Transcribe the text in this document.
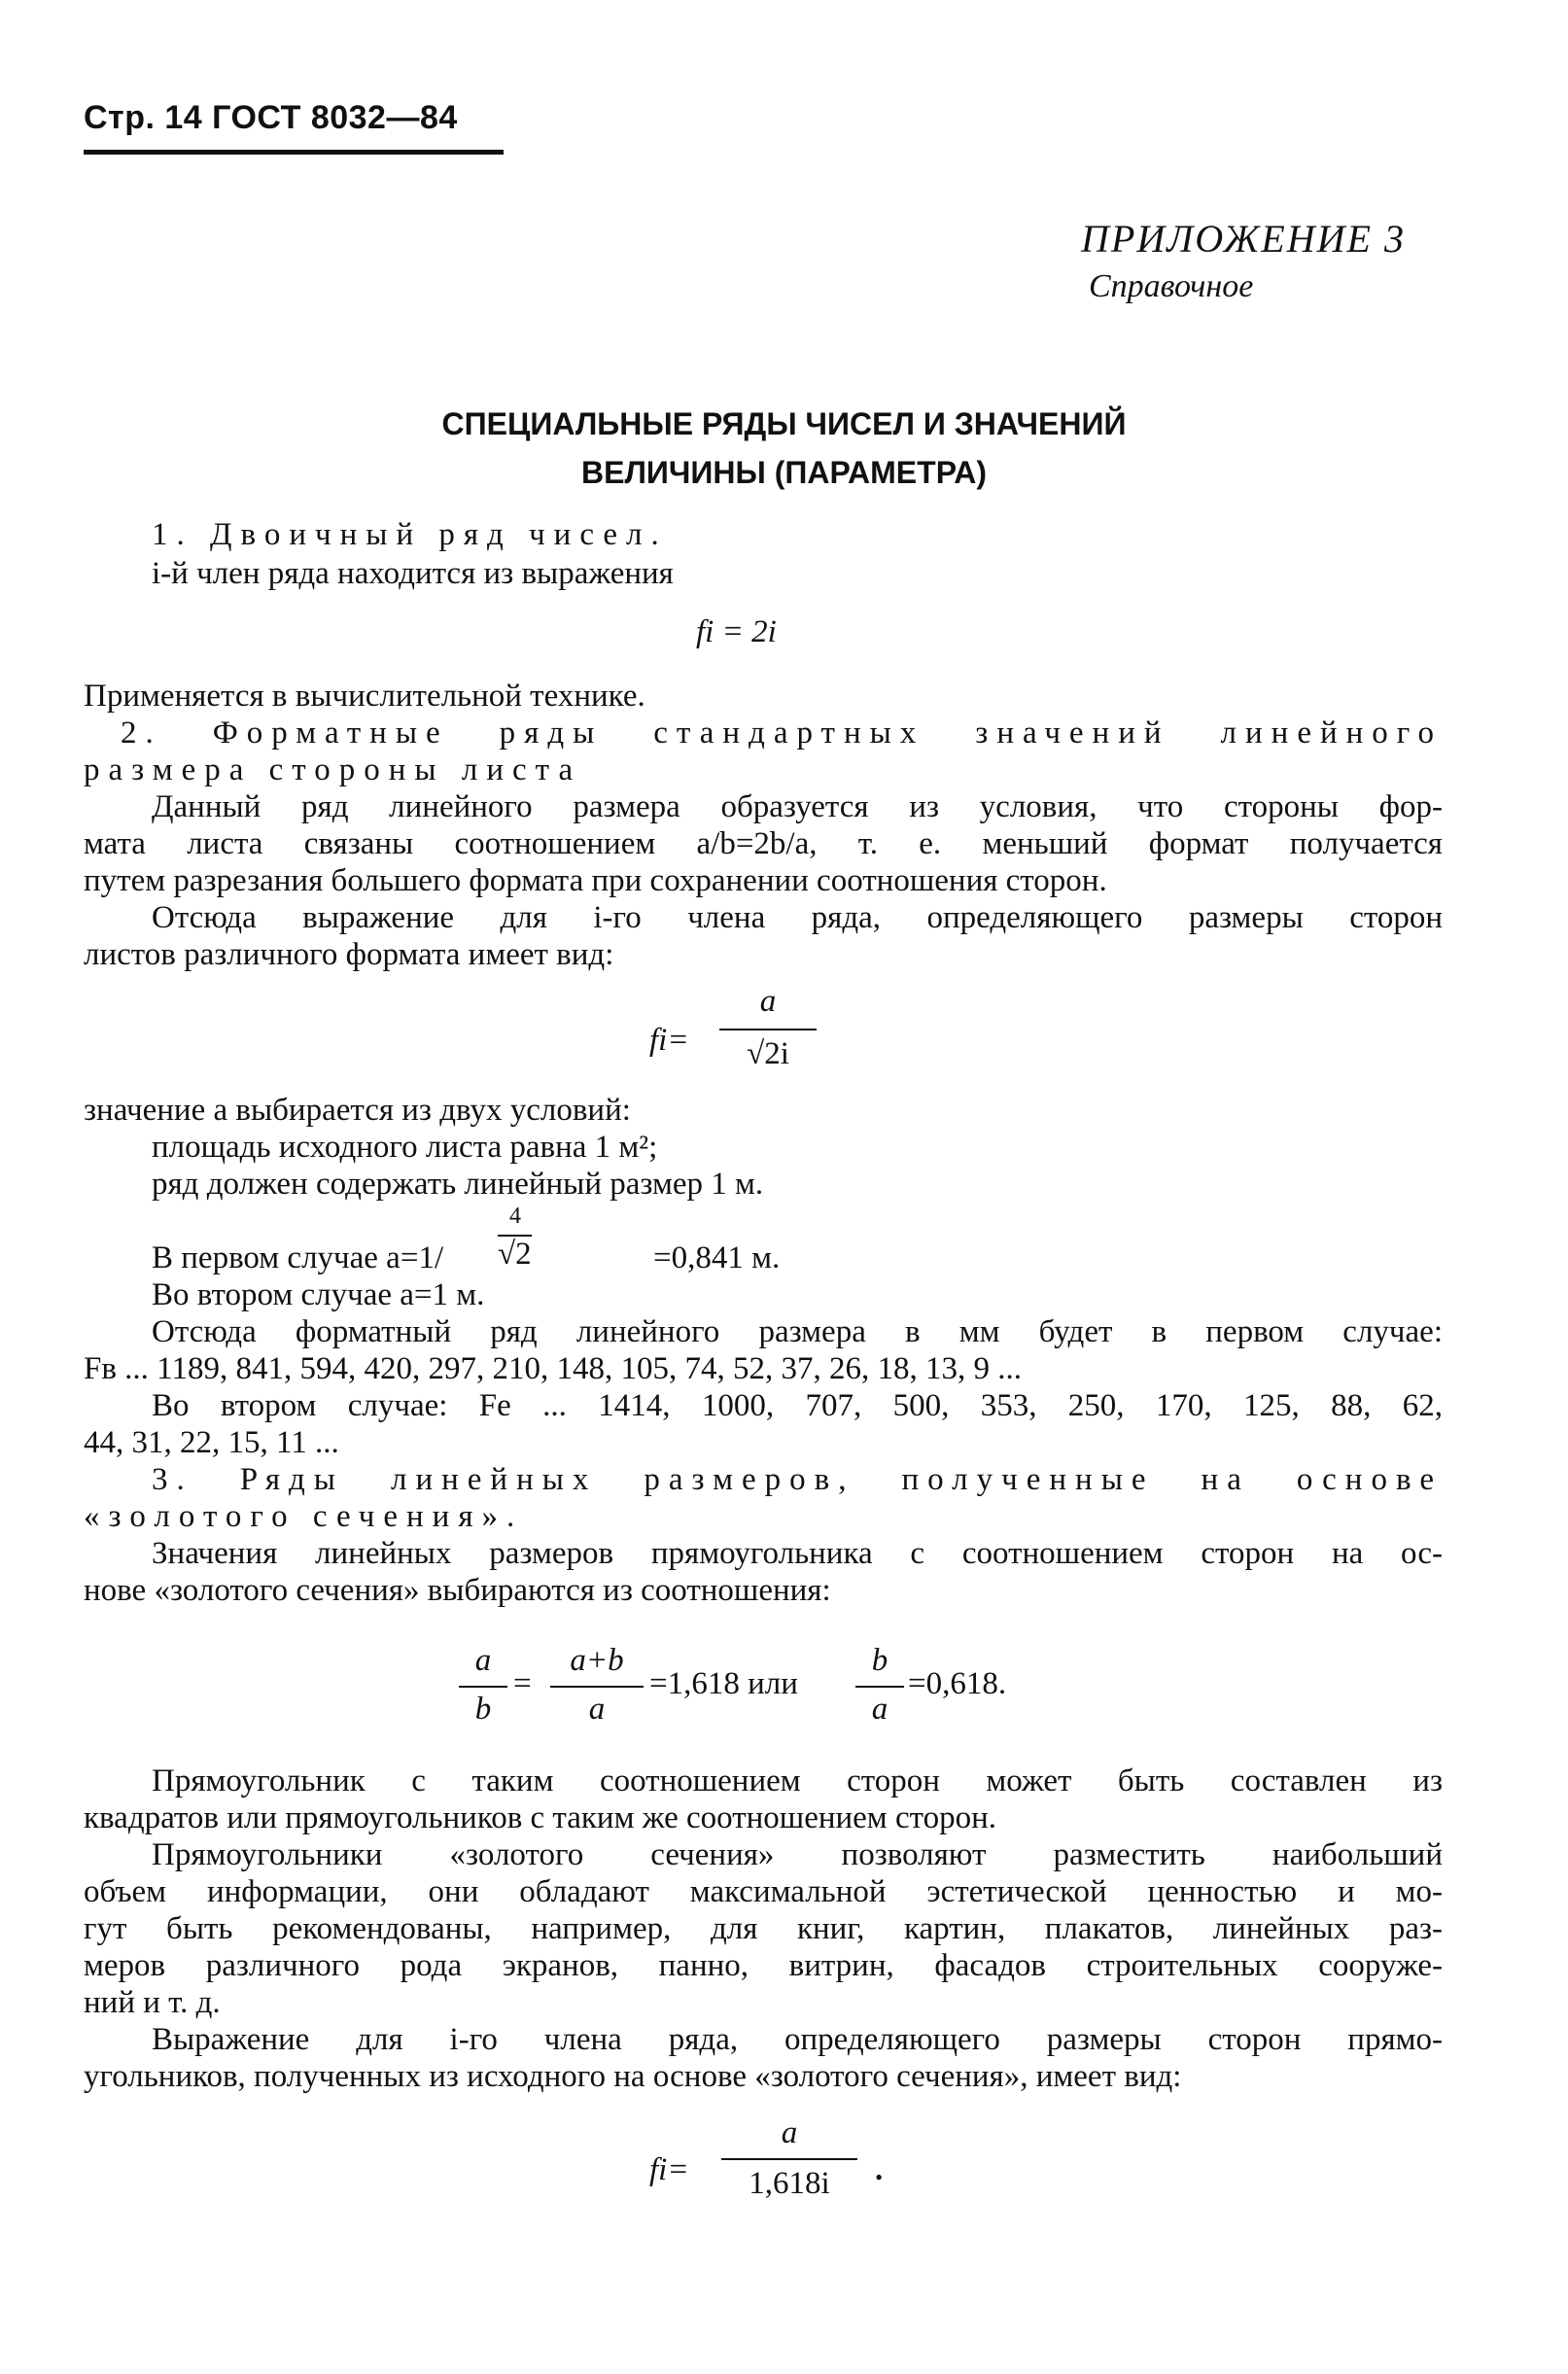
Стр. 14 ГОСТ 8032—84
ПРИЛОЖЕНИЕ 3
Справочное
СПЕЦИАЛЬНЫЕ РЯДЫ ЧИСЕЛ И ЗНАЧЕНИЙ
ВЕЛИЧИНЫ (ПАРАМЕТРА)
1. Двоичный ряд чисел.
i-й член ряда находится из выражения
fi = 2i
Применяется в вычислительной технике.
2. Форматные ряды стандартных значений линейного
размера стороны листа
Данный ряд линейного размера образуется из условия, что стороны фор-
мата листа связаны соотношением a/b=2b/a, т. е. меньший формат получается
путем разрезания большего формата при сохранении соотношения сторон.
Отсюда выражение для i-го члена ряда, определяющего размеры сторон
листов различного формата имеет вид:
fi=
a
√2i
значение a выбирается из двух условий:
площадь исходного листа равна 1 м²;
ряд должен содержать линейный размер 1 м.
4
В первом случае a=1/ √2	=0,841 м.
Во втором случае a=1 м.
Отсюда форматный ряд линейного размера в мм будет в первом случае:
Fв ... 1189, 841, 594, 420, 297, 210, 148, 105, 74, 52, 37, 26, 18, 13, 9 ...
Во втором случае: Fе ... 1414, 1000, 707, 500, 353, 250, 170, 125, 88, 62,
44, 31, 22, 15, 11 ...
3. Ряды линейных размеров, полученные на основе
«золотого сечения».
Значения линейных размеров прямоугольника с соотношением сторон на ос-
нове «золотого сечения» выбираются из соотношения:
a
b
=
a+b
a
=1,618 или
b
a
=0,618.
Прямоугольник с таким соотношением сторон может быть составлен из
квадратов или прямоугольников с таким же соотношением сторон.
Прямоугольники «золотого сечения» позволяют разместить наибольший
объем информации, они обладают максимальной эстетической ценностью и мо-
гут быть рекомендованы, например, для книг, картин, плакатов, линейных раз-
меров различного рода экранов, панно, витрин, фасадов строительных сооруже-
ний и т. д.
Выражение для i-го члена ряда, определяющего размеры сторон прямо-
угольников, полученных из исходного на основе «золотого сечения», имеет вид:
fi=
a
1,618i	.
